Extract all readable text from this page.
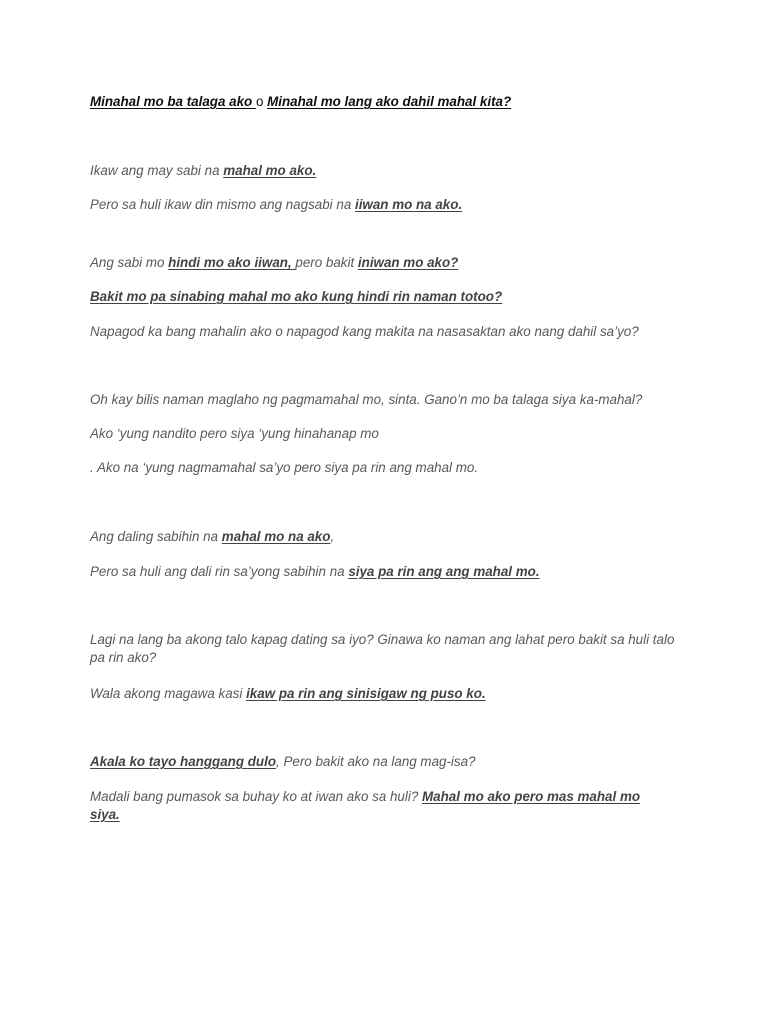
Minahal mo ba talaga ako o Minahal mo lang ako dahil mahal kita?

Ikaw ang may sabi na mahal mo ako.

Pero sa huli ikaw din mismo ang nagsabi na iiwan mo na ako.

Ang sabi mo hindi mo ako iiwan, pero bakit iniwan mo ako?

Bakit mo pa sinabing mahal mo ako kung hindi rin naman totoo?

Napagod ka bang mahalin ako o napagod kang makita na nasasaktan ako nang dahil sa’yo?

Oh kay bilis naman maglaho ng pagmamahal mo, sinta. Gano’n mo ba talaga siya ka-mahal?

Ako ‘yung nandito pero siya ‘yung hinahanap mo

. Ako na ‘yung nagmamahal sa’yo pero siya pa rin ang mahal mo.

Ang daling sabihin na mahal mo na ako,

Pero sa huli ang dali rin sa’yong sabihin na siya pa rin ang ang mahal mo.

Lagi na lang ba akong talo kapag dating sa iyo? Ginawa ko naman ang lahat pero bakit sa huli talo pa rin ako?

Wala akong magawa kasi ikaw pa rin ang sinisigaw ng puso ko.

Akala ko tayo hanggang dulo, Pero bakit ako na lang mag-isa?

Madali bang pumasok sa buhay ko at iwan ako sa huli? Mahal mo ako pero mas mahal mo siya.
